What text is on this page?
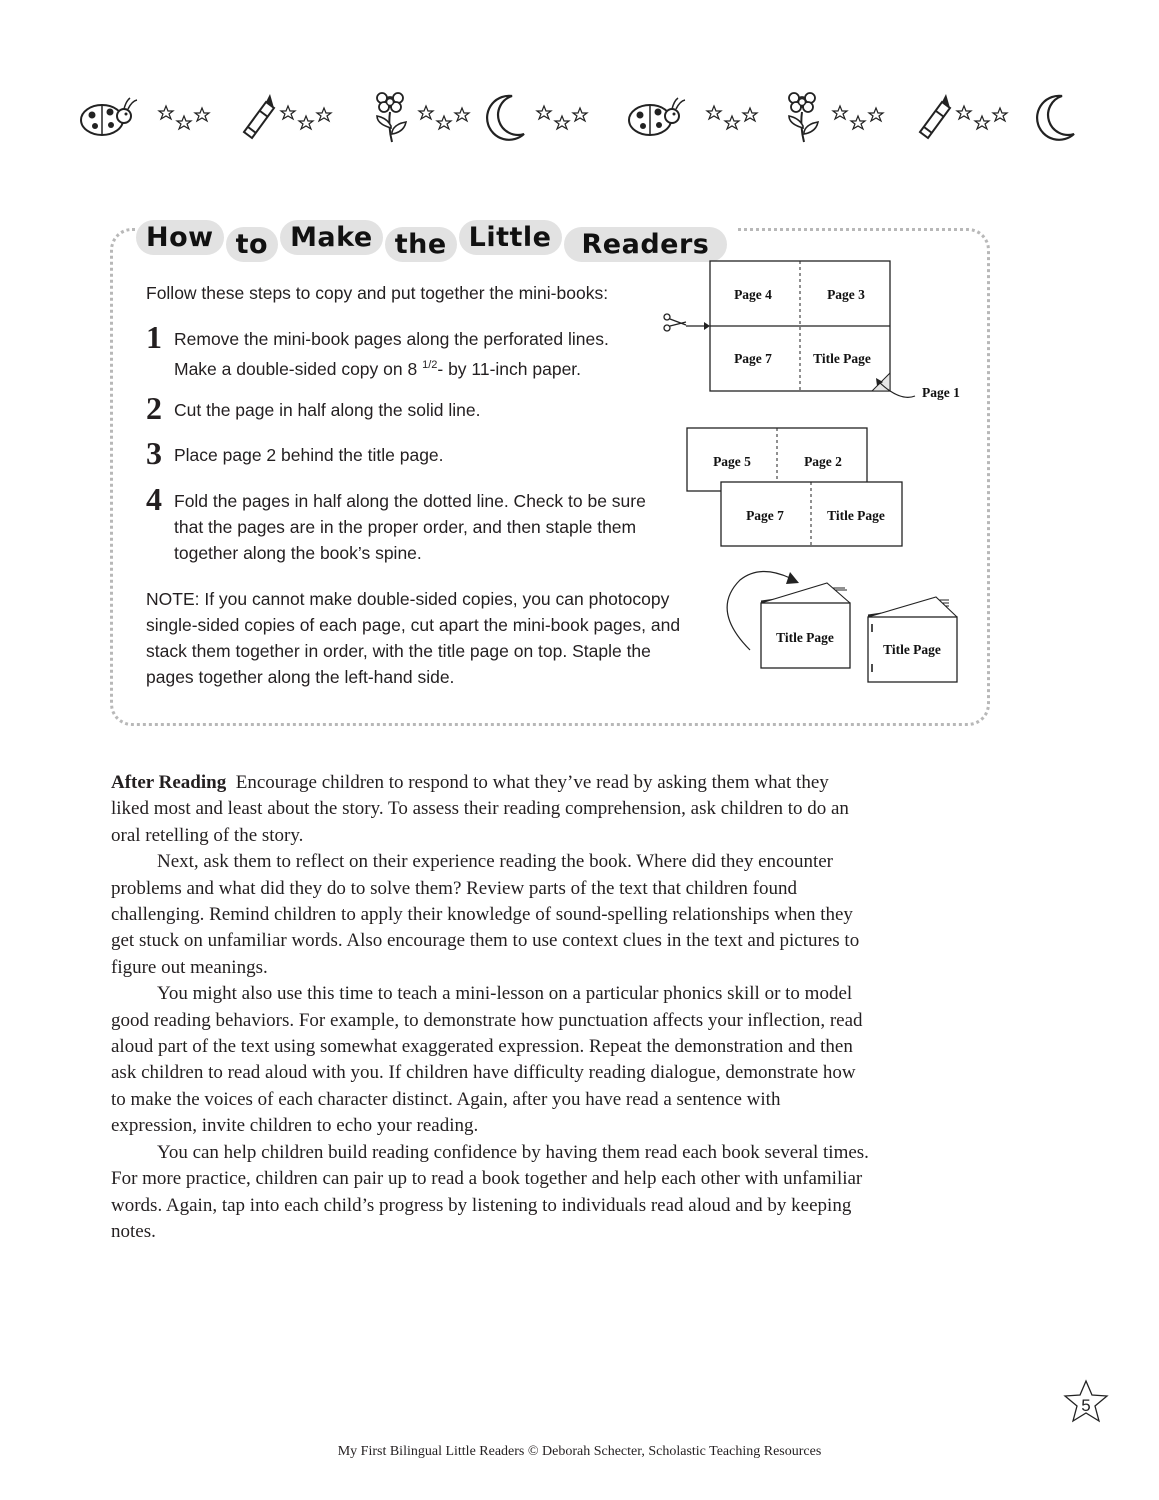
How to Make the Little	Readers
Follow these steps to copy and put together the mini-books:
1 Remove the mini-book pages along the perforated lines.
Make a double-sided copy on 8 $^{1/2}$- by 11-inch paper.
2 Cut the page in half along the solid line.
3 Place page 2 behind the title page.
4 Fold the pages in half along the dotted line. Check to be sure that the pages are in the proper order, and then staple them together along the book’s spine.
NOTE: If you cannot make double-sided copies, you can photocopy single-sided copies of each page, cut apart the mini-book pages, and stack them together in order, with the title page on top. Staple the pages together along the left-hand side.
Page 4	Page 3
Page 7	Title Page
Page 1
Page 5	Page 2
Page 7	Title Page
Title Page
Title Page

After Reading Encourage children to respond to what they’ve read by asking them what they liked most and least about the story. To assess their reading comprehension, ask children to do an oral retelling of the story.

Next, ask them to reflect on their experience reading the book. Where did they encounter problems and what did they do to solve them? Review parts of the text that children found challenging. Remind children to apply their knowledge of sound-spelling relationships when they get stuck on unfamiliar words. Also encourage them to use context clues in the text and pictures to figure out meanings.

You might also use this time to teach a mini-lesson on a particular phonics skill or to model good reading behaviors. For example, to demonstrate how punctuation affects your inflection, read aloud part of the text using somewhat exaggerated expression. Repeat the demonstration and then ask children to read aloud with you. If children have difficulty reading dialogue, demonstrate how to make the voices of each character distinct. Again, after you have read a sentence with expression, invite children to echo your reading.

You can help children build reading confidence by having them read each book several times. For more practice, children can pair up to read a book together and help each other with unfamiliar words. Again, tap into each child’s progress by listening to individuals read aloud and by keeping notes.

5
My First Bilingual Little Readers © Deborah Schecter, Scholastic Teaching Resources
